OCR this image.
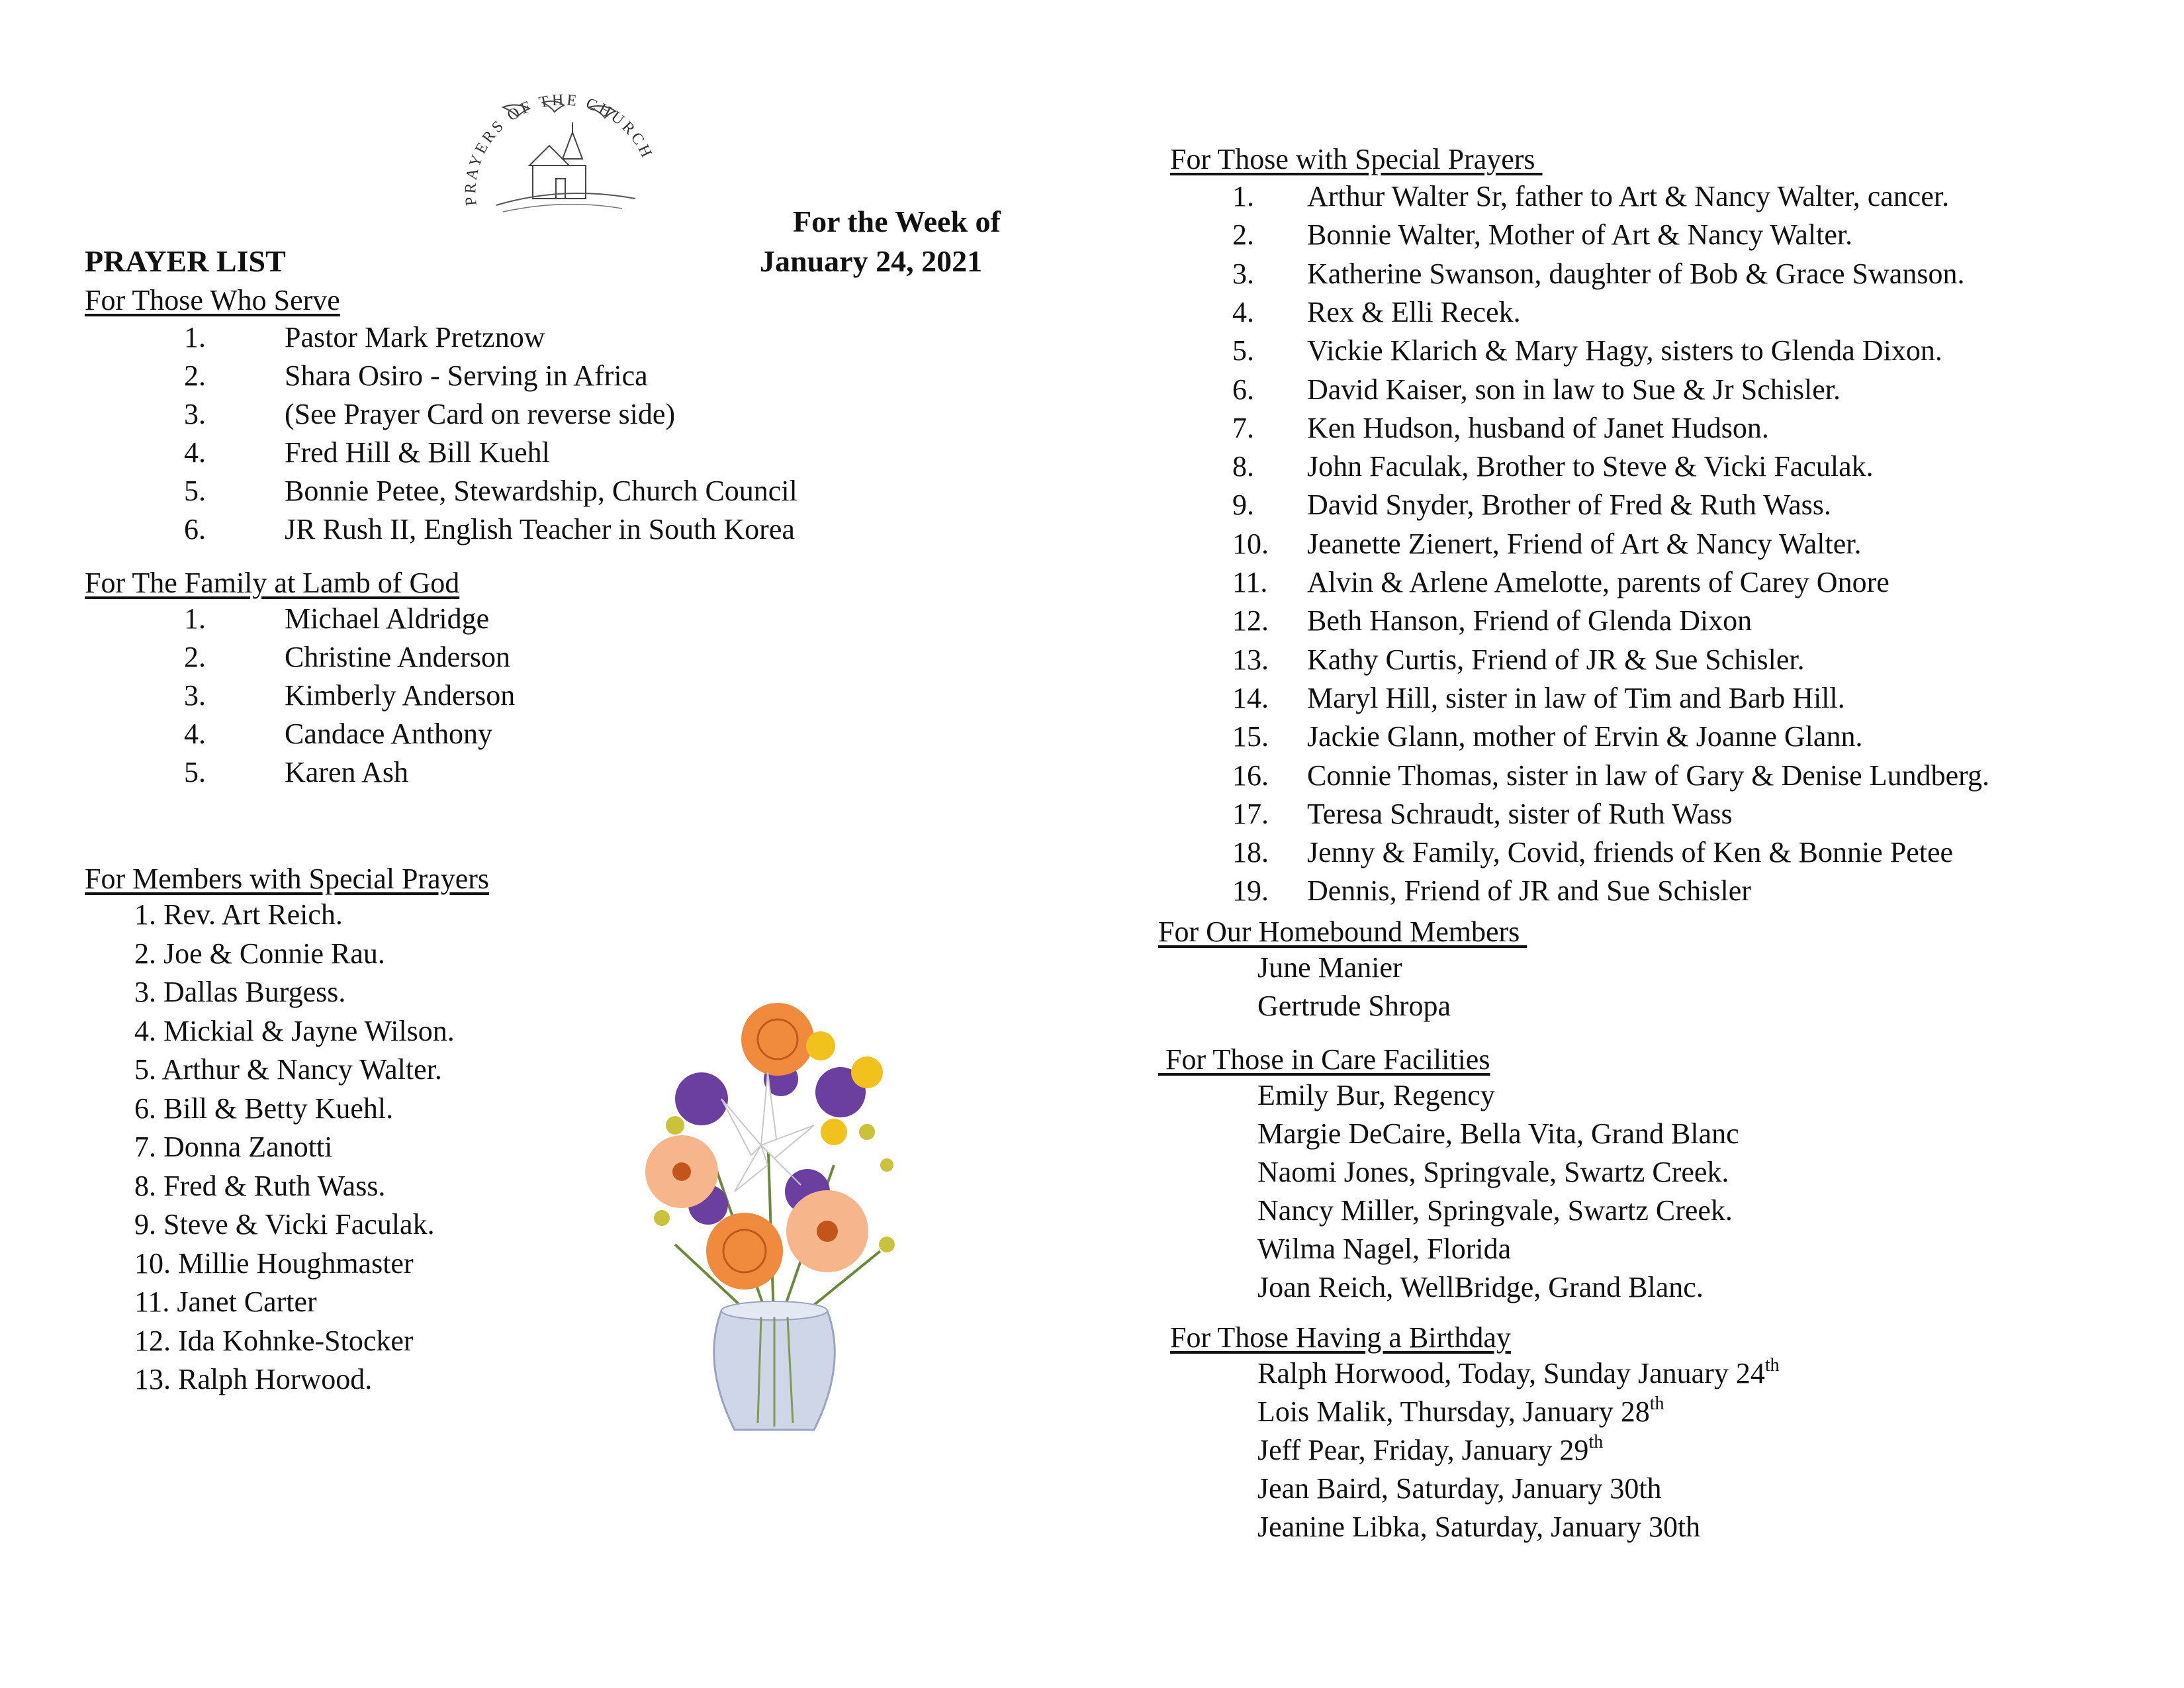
PRAYERS OF THE CHURCH
For the Week of
PRAYER LIST	January 24, 2021
For Those Who Serve
1.	Pastor Mark Pretznow
2.	Shara Osiro - Serving in Africa
3.	(See Prayer Card on reverse side)
4.	Fred Hill & Bill Kuehl
5.	Bonnie Petee, Stewardship, Church Council
6.	JR Rush II, English Teacher in South Korea
For The Family at Lamb of God
1.	Michael Aldridge
2.	Christine Anderson
3.	Kimberly Anderson
4.	Candace Anthony
5.	Karen Ash
For Members with Special Prayers
1. Rev. Art Reich.
2. Joe & Connie Rau.
3. Dallas Burgess.
4. Mickial & Jayne Wilson.
5. Arthur & Nancy Walter.
6. Bill & Betty Kuehl.
7. Donna Zanotti
8. Fred & Ruth Wass.
9. Steve & Vicki Faculak.
10. Millie Houghmaster
11. Janet Carter
12. Ida Kohnke-Stocker
13. Ralph Horwood.
For Those with Special Prayers
1. Arthur Walter Sr, father to Art & Nancy Walter, cancer.
2. Bonnie Walter, Mother of Art & Nancy Walter.
3. Katherine Swanson, daughter of Bob & Grace Swanson.
4. Rex & Elli Recek.
5. Vickie Klarich & Mary Hagy, sisters to Glenda Dixon.
6. David Kaiser, son in law to Sue & Jr Schisler.
7. Ken Hudson, husband of Janet Hudson.
8. John Faculak, Brother to Steve & Vicki Faculak.
9. David Snyder, Brother of Fred & Ruth Wass.
10. Jeanette Zienert, Friend of Art & Nancy Walter.
11. Alvin & Arlene Amelotte, parents of Carey Onore
12. Beth Hanson, Friend of Glenda Dixon
13. Kathy Curtis, Friend of JR & Sue Schisler.
14. Maryl Hill, sister in law of Tim and Barb Hill.
15. Jackie Glann, mother of Ervin & Joanne Glann.
16. Connie Thomas, sister in law of Gary & Denise Lundberg.
17. Teresa Schraudt, sister of Ruth Wass
18. Jenny & Family, Covid, friends of Ken & Bonnie Petee
19. Dennis, Friend of JR and Sue Schisler
For Our Homebound Members
June Manier
Gertrude Shropa
For Those in Care Facilities
Emily Bur, Regency
Margie DeCaire, Bella Vita, Grand Blanc
Naomi Jones, Springvale, Swartz Creek.
Nancy Miller, Springvale, Swartz Creek.
Wilma Nagel, Florida
Joan Reich, WellBridge, Grand Blanc.
For Those Having a Birthday
Ralph Horwood, Today, Sunday January 24th
Lois Malik, Thursday, January 28th
Jeff Pear, Friday, January 29th
Jean Baird, Saturday, January 30th
Jeanine Libka, Saturday, January 30th
